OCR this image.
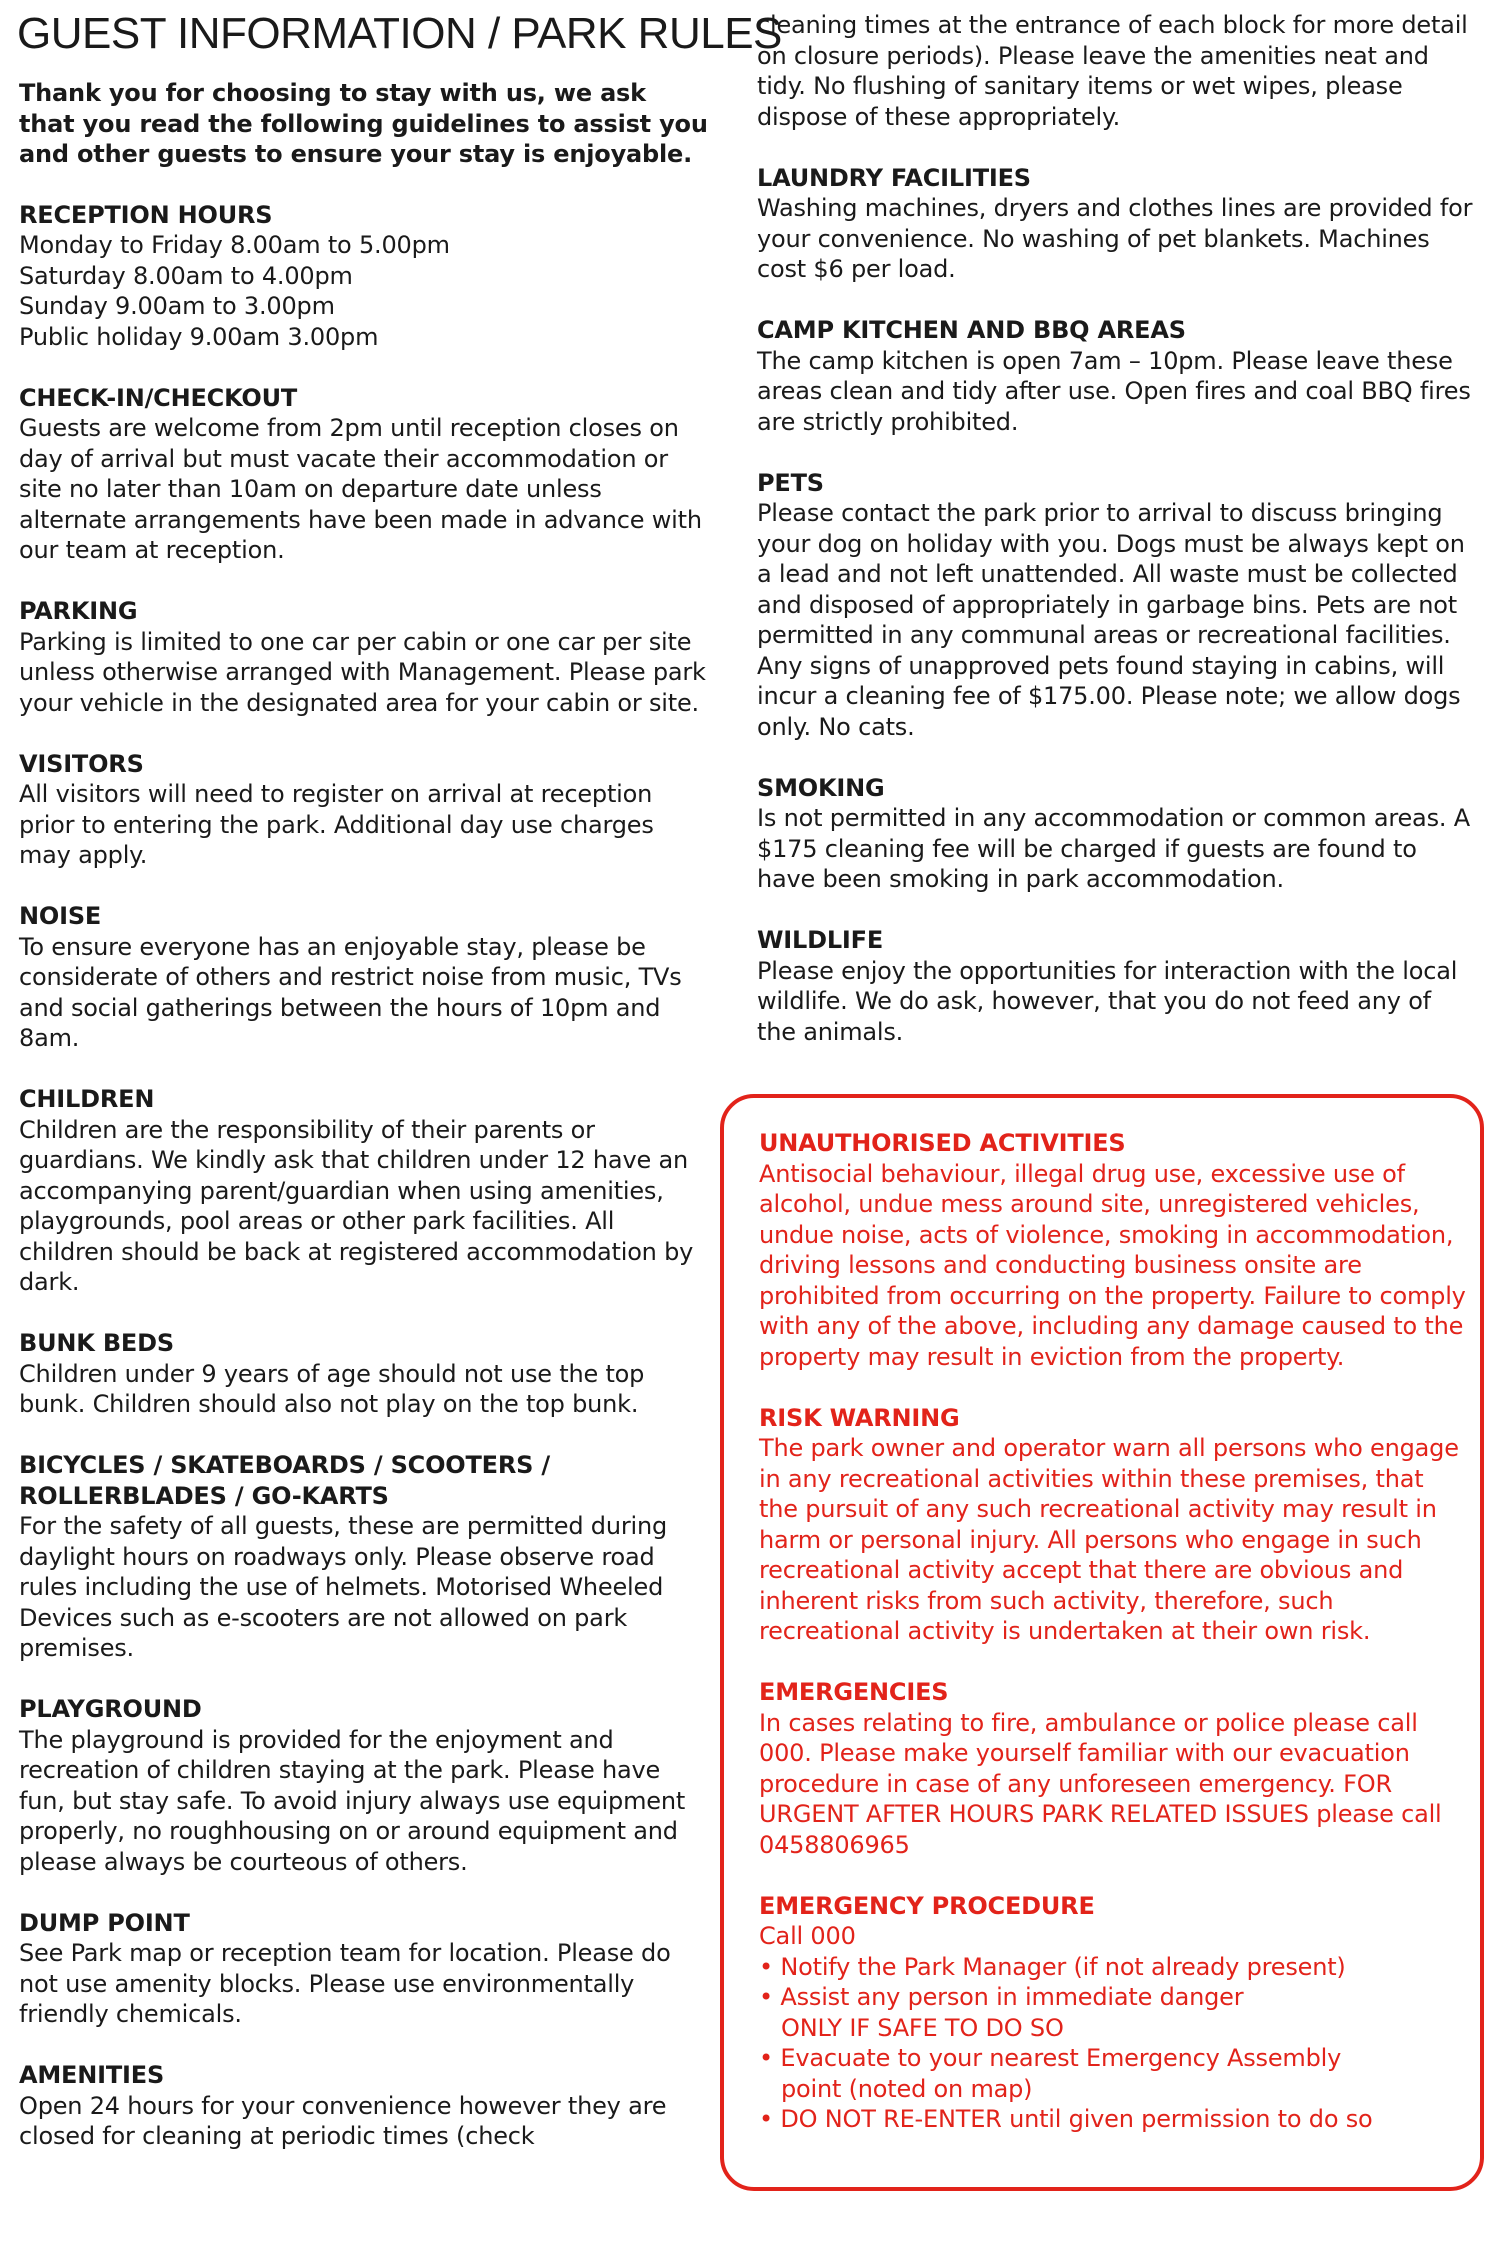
GUEST INFORMATION / PARK RULES

Thank you for choosing to stay with us, we ask that you read the following guidelines to assist you and other guests to ensure your stay is enjoyable.

RECEPTION HOURS
Monday to Friday 8.00am to 5.00pm
Saturday 8.00am to 4.00pm
Sunday 9.00am to 3.00pm
Public holiday 9.00am 3.00pm
CHECK-IN/CHECKOUT

Guests are welcome from 2pm until reception closes on day of arrival but must vacate their accommodation or site no later than 10am on departure date unless alternate arrangements have been made in advance with our team at reception.

PARKING

Parking is limited to one car per cabin or one car per site unless otherwise arranged with Management. Please park your vehicle in the designated area for your cabin or site.

VISITORS

All visitors will need to register on arrival at reception prior to entering the park. Additional day use charges may apply.

NOISE

To ensure everyone has an enjoyable stay, please be considerate of others and restrict noise from music, TVs and social gatherings between the hours of 10pm and 8am.

CHILDREN

Children are the responsibility of their parents or guardians. We kindly ask that children under 12 have an accompanying parent/guardian when using amenities, playgrounds, pool areas or other park facilities. All children should be back at registered accommodation by dark.

BUNK BEDS

Children under 9 years of age should not use the top bunk. Children should also not play on the top bunk.

BICYCLES / SKATEBOARDS / SCOOTERS / ROLLERBLADES / GO-KARTS

For the safety of all guests, these are permitted during daylight hours on roadways only. Please observe road rules including the use of helmets. Motorised Wheeled Devices such as e-scooters are not allowed on park premises.

PLAYGROUND

The playground is provided for the enjoyment and recreation of children staying at the park. Please have fun, but stay safe. To avoid injury always use equipment properly, no roughhousing on or around equipment and please always be courteous of others.

DUMP POINT

See Park map or reception team for location. Please do not use amenity blocks. Please use environmentally friendly chemicals.

AMENITIES

Open 24 hours for your convenience however they are closed for cleaning at periodic times (check

cleaning times at the entrance of each block for more detail on closure periods). Please leave the amenities neat and tidy. No flushing of sanitary items or wet wipes, please dispose of these appropriately.

LAUNDRY FACILITIES

Washing machines, dryers and clothes lines are provided for your convenience. No washing of pet blankets. Machines cost $6 per load.

CAMP KITCHEN AND BBQ AREAS

The camp kitchen is open 7am – 10pm. Please leave these areas clean and tidy after use. Open fires and coal BBQ fires are strictly prohibited.

PETS

Please contact the park prior to arrival to discuss bringing your dog on holiday with you. Dogs must be always kept on a lead and not left unattended. All waste must be collected and disposed of appropriately in garbage bins. Pets are not permitted in any communal areas or recreational facilities. Any signs of unapproved pets found staying in cabins, will incur a cleaning fee of $175.00. Please note; we allow dogs only. No cats.

SMOKING

Is not permitted in any accommodation or common areas. A $175 cleaning fee will be charged if guests are found to have been smoking in park accommodation.

WILDLIFE

Please enjoy the opportunities for interaction with the local wildlife. We do ask, however, that you do not feed any of the animals.

UNAUTHORISED ACTIVITIES

Antisocial behaviour, illegal drug use, excessive use of alcohol, undue mess around site, unregistered vehicles, undue noise, acts of violence, smoking in accommodation, driving lessons and conducting business onsite are prohibited from occurring on the property. Failure to comply with any of the above, including any damage caused to the property may result in eviction from the property.

RISK WARNING

The park owner and operator warn all persons who engage in any recreational activities within these premises, that the pursuit of any such recreational activity may result in harm or personal injury. All persons who engage in such recreational activity accept that there are obvious and inherent risks from such activity, therefore, such recreational activity is undertaken at their own risk.

EMERGENCIES

In cases relating to fire, ambulance or police please call 000. Please make yourself familiar with our evacuation procedure in case of any unforeseen emergency. FOR URGENT AFTER HOURS PARK RELATED ISSUES please call 0458806965

EMERGENCY PROCEDURE
Call 000
• Notify the Park Manager (if not already present)
• Assist any person in immediate danger
ONLY IF SAFE TO DO SO
• Evacuate to your nearest Emergency Assembly
point (noted on map)
• DO NOT RE-ENTER until given permission to do so
